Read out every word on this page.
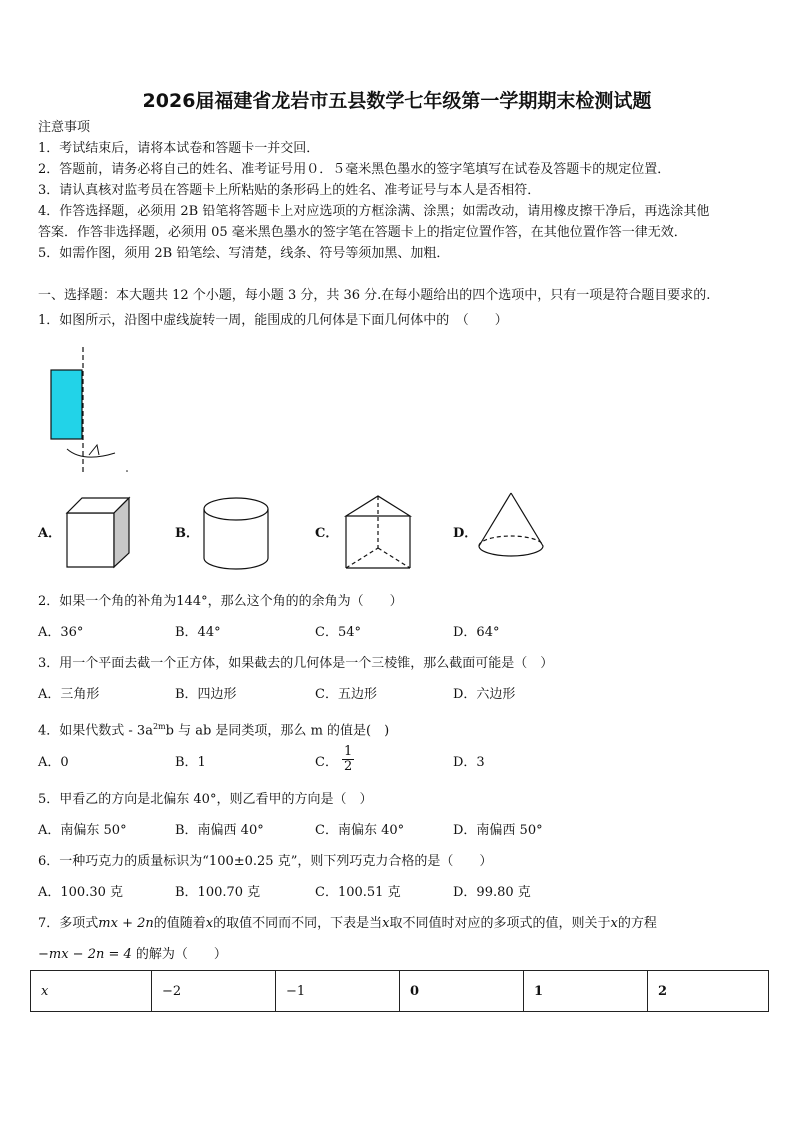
2026届福建省龙岩市五县数学七年级第一学期期末检测试题
注意事项
1．考试结束后，请将本试卷和答题卡一并交回．
2．答题前，请务必将自己的姓名、准考证号用０．５毫米黑色墨水的签字笔填写在试卷及答题卡的规定位置．
3．请认真核对监考员在答题卡上所粘贴的条形码上的姓名、准考证号与本人是否相符．
4．作答选择题，必须用 2B 铅笔将答题卡上对应选项的方框涂满、涂黑；如需改动，请用橡皮擦干净后，再选涂其他
答案．作答非选择题，必须用 05 毫米黑色墨水的签字笔在答题卡上的指定位置作答，在其他位置作答一律无效．
5．如需作图，须用 2B 铅笔绘、写清楚，线条、符号等须加黑、加粗．
一、选择题：本大题共 12 个小题，每小题 3 分，共 36 分.在每小题给出的四个选项中，只有一项是符合题目要求的.
1．如图所示，沿图中虚线旋转一周，能围成的几何体是下面几何体中的　（　　）
A．	B．	C．	D．
2．如果一个角的补角为144°，那么这个角的的余角为（　　）
A．36°	B．44°	C．54°	D．64°
3．用一个平面去截一个正方体，如果截去的几何体是一个三棱锥，那么截面可能是（　）
A．三角形	B．四边形	C．五边形	D．六边形
4．如果代数式 - $3a^{2m}b$ 与 ab 是同类项，那么 m 的值是(　)
A．0	B．1	C． $\frac{1}{2}$	D．3
5．甲看乙的方向是北偏东 40°，则乙看甲的方向是（　）
A．南偏东 50°	B．南偏西 40°	C．南偏东 40°	D．南偏西 50°
6．一种巧克力的质量标识为“100±0.25 克”，则下列巧克力合格的是（　　）
A．100.30 克	B．100.70 克	C．100.51 克	D．99.80 克
7．多项式mx + 2n的值随着x的取值不同而不同，下表是当x取不同值时对应的多项式的值，则关于x的方程
−mx − 2n = 4 的解为（　　）
x	−2	−1	0	1	2
